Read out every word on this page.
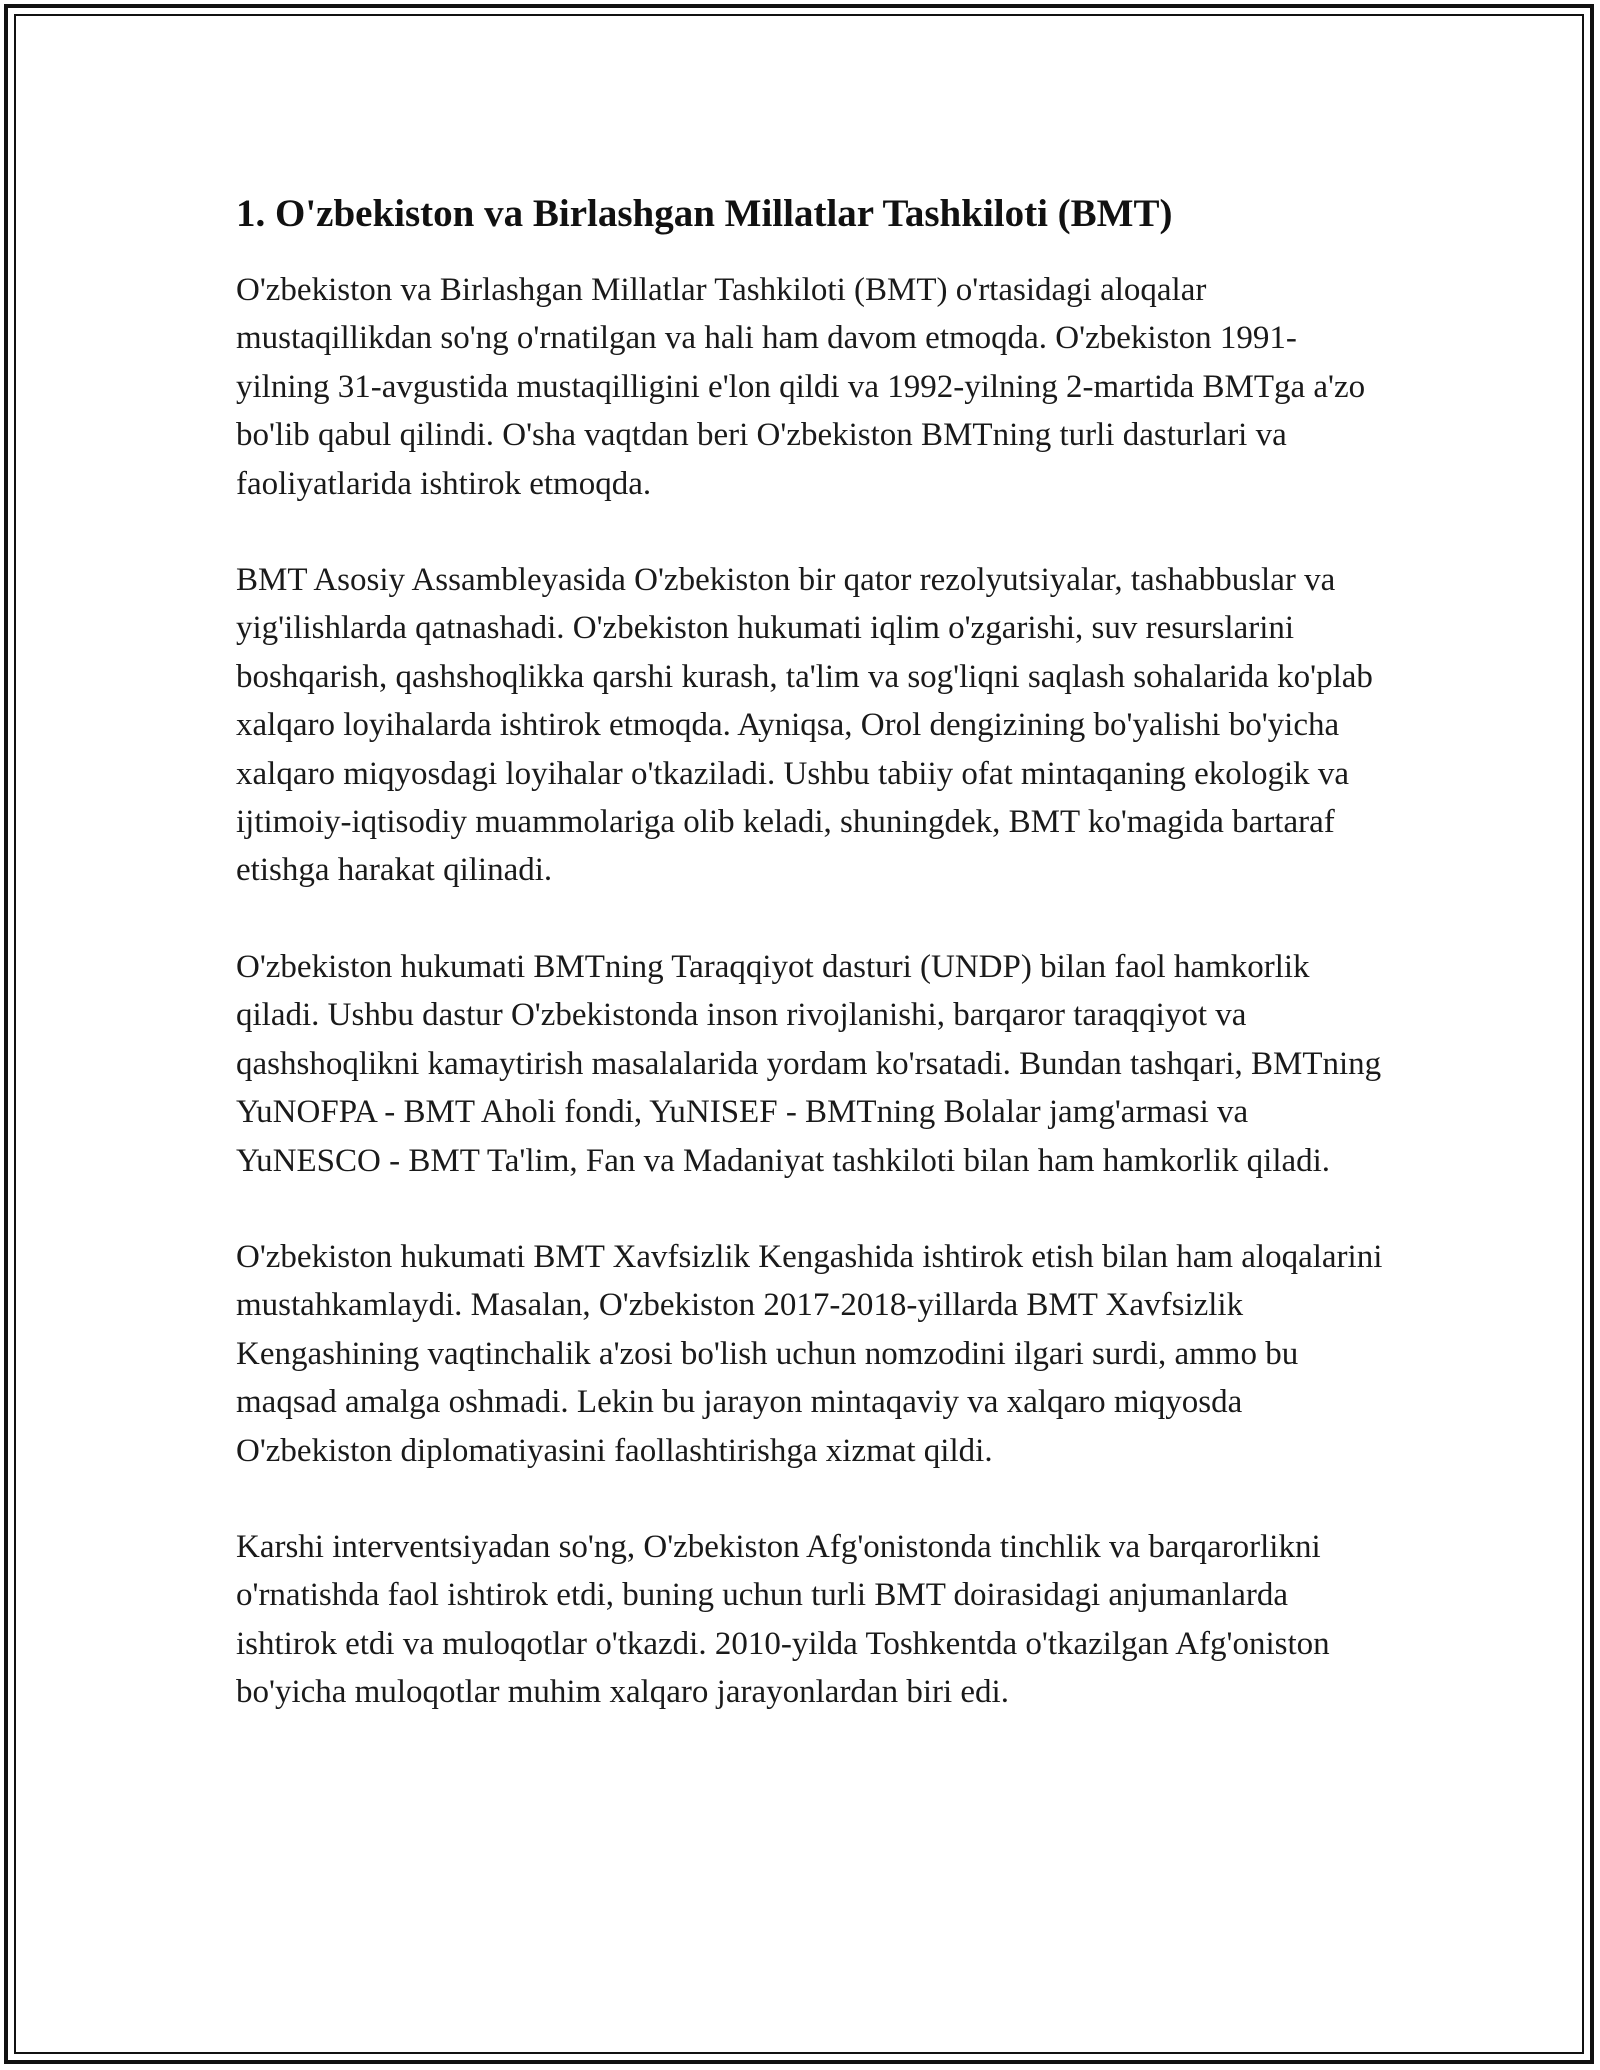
1. O'zbekiston va Birlashgan Millatlar Tashkiloti (BMT)

O'zbekiston va Birlashgan Millatlar Tashkiloti (BMT) o'rtasidagi aloqalar mustaqillikdan so'ng o'rnatilgan va hali ham davom etmoqda. O'zbekiston 1991-yilning 31-avgustida mustaqilligini e'lon qildi va 1992-yilning 2-martida BMTga a'zo bo'lib qabul qilindi. O'sha vaqtdan beri O'zbekiston BMTning turli dasturlari va faoliyatlarida ishtirok etmoqda.

BMT Asosiy Assambleyasida O'zbekiston bir qator rezolyutsiyalar, tashabbuslar va yig'ilishlarda qatnashadi. O'zbekiston hukumati iqlim o'zgarishi, suv resurslarini boshqarish, qashshoqlikka qarshi kurash, ta'lim va sog'liqni saqlash sohalarida ko'plab xalqaro loyihalarda ishtirok etmoqda. Ayniqsa, Orol dengizining bo'yalishi bo'yicha xalqaro miqyosdagi loyihalar o'tkaziladi. Ushbu tabiiy ofat mintaqaning ekologik va ijtimoiy-iqtisodiy muammolariga olib keladi, shuningdek, BMT ko'magida bartaraf etishga harakat qilinadi.

O'zbekiston hukumati BMTning Taraqqiyot dasturi (UNDP) bilan faol hamkorlik qiladi. Ushbu dastur O'zbekistonda inson rivojlanishi, barqaror taraqqiyot va qashshoqlikni kamaytirish masalalarida yordam ko'rsatadi. Bundan tashqari, BMTning YuNOFPA - BMT Aholi fondi, YuNISEF - BMTning Bolalar jamg'armasi va YuNESCO - BMT Ta'lim, Fan va Madaniyat tashkiloti bilan ham hamkorlik qiladi.

O'zbekiston hukumati BMT Xavfsizlik Kengashida ishtirok etish bilan ham aloqalarini mustahkamlaydi. Masalan, O'zbekiston 2017-2018-yillarda BMT Xavfsizlik Kengashining vaqtinchalik a'zosi bo'lish uchun nomzodini ilgari surdi, ammo bu maqsad amalga oshmadi. Lekin bu jarayon mintaqaviy va xalqaro miqyosda O'zbekiston diplomatiyasini faollashtirishga xizmat qildi.

Karshi interventsiyadan so'ng, O'zbekiston Afg'onistonda tinchlik va barqarorlikni o'rnatishda faol ishtirok etdi, buning uchun turli BMT doirasidagi anjumanlarda ishtirok etdi va muloqotlar o'tkazdi. 2010-yilda Toshkentda o'tkazilgan Afg'oniston bo'yicha muloqotlar muhim xalqaro jarayonlardan biri edi.
